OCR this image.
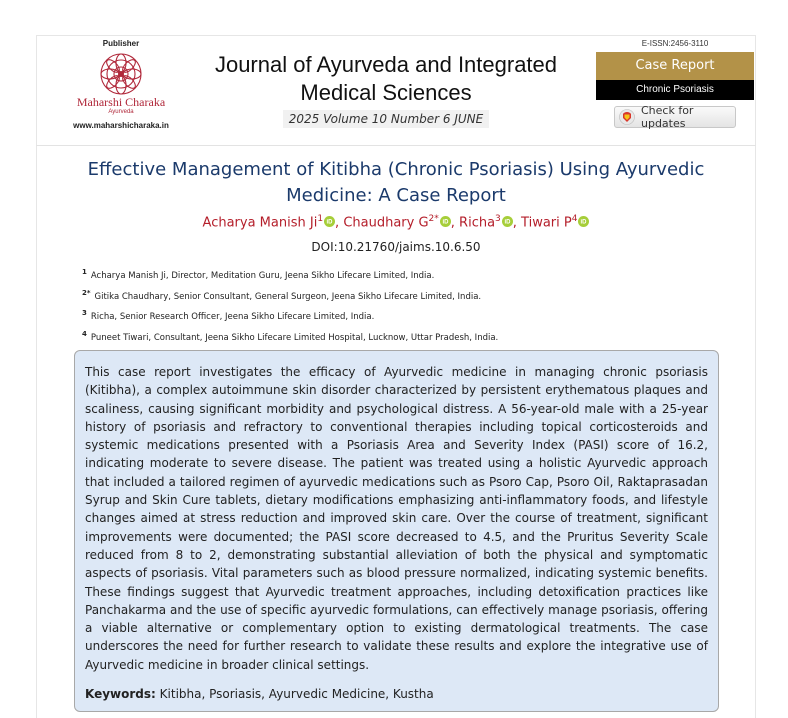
Publisher
Maharshi Charaka
Ayurveda
www.maharshicharaka.in
Journal of Ayurveda and Integrated Medical Sciences
2025 Volume 10 Number 6 JUNE
E-ISSN:2456-3110
Case Report
Chronic Psoriasis
Check for updates
Effective Management of Kitibha (Chronic Psoriasis) Using Ayurvedic Medicine: A Case Report
Acharya Manish Ji$^1$ iD , Chaudhary $G^{2*}$ iD , Richa$^3$ iD , Tiwari $P^4$ iD
DOI:10.21760/jaims.10.6.50
$^1$ Acharya Manish Ji, Director, Meditation Guru, Jeena Sikho Lifecare Limited, India.
$^{2*}$ Gitika Chaudhary, Senior Consultant, General Surgeon, Jeena Sikho Lifecare Limited, India.
$^3$ Richa, Senior Research Officer, Jeena Sikho Lifecare Limited, India.
$^4$ Puneet Tiwari, Consultant, Jeena Sikho Lifecare Limited Hospital, Lucknow, Uttar Pradesh, India.

This case report investigates the efficacy of Ayurvedic medicine in managing chronic psoriasis (Kitibha), a complex autoimmune skin disorder characterized by persistent erythematous plaques and scaliness, causing significant morbidity and psychological distress. A 56-year-old male with a 25-year history of psoriasis and refractory to conventional therapies including topical corticosteroids and systemic medications presented with a Psoriasis Area and Severity Index (PASI) score of 16.2, indicating moderate to severe disease. The patient was treated using a holistic Ayurvedic approach that included a tailored regimen of ayurvedic medications such as Psoro Cap, Psoro Oil, Raktaprasadan Syrup and Skin Cure tablets, dietary modifications emphasizing anti-inflammatory foods, and lifestyle changes aimed at stress reduction and improved skin care. Over the course of treatment, significant improvements were documented; the PASI score decreased to 4.5, and the Pruritus Severity Scale reduced from 8 to 2, demonstrating substantial alleviation of both the physical and symptomatic aspects of psoriasis. Vital parameters such as blood pressure normalized, indicating systemic benefits. These findings suggest that Ayurvedic treatment approaches, including detoxification practices like Panchakarma and the use of specific ayurvedic formulations, can effectively manage psoriasis, offering a viable alternative or complementary option to existing dermatological treatments. The case underscores the need for further research to validate these results and explore the integrative use of Ayurvedic medicine in broader clinical settings.

Keywords: Kitibha, Psoriasis, Ayurvedic Medicine, Kustha
